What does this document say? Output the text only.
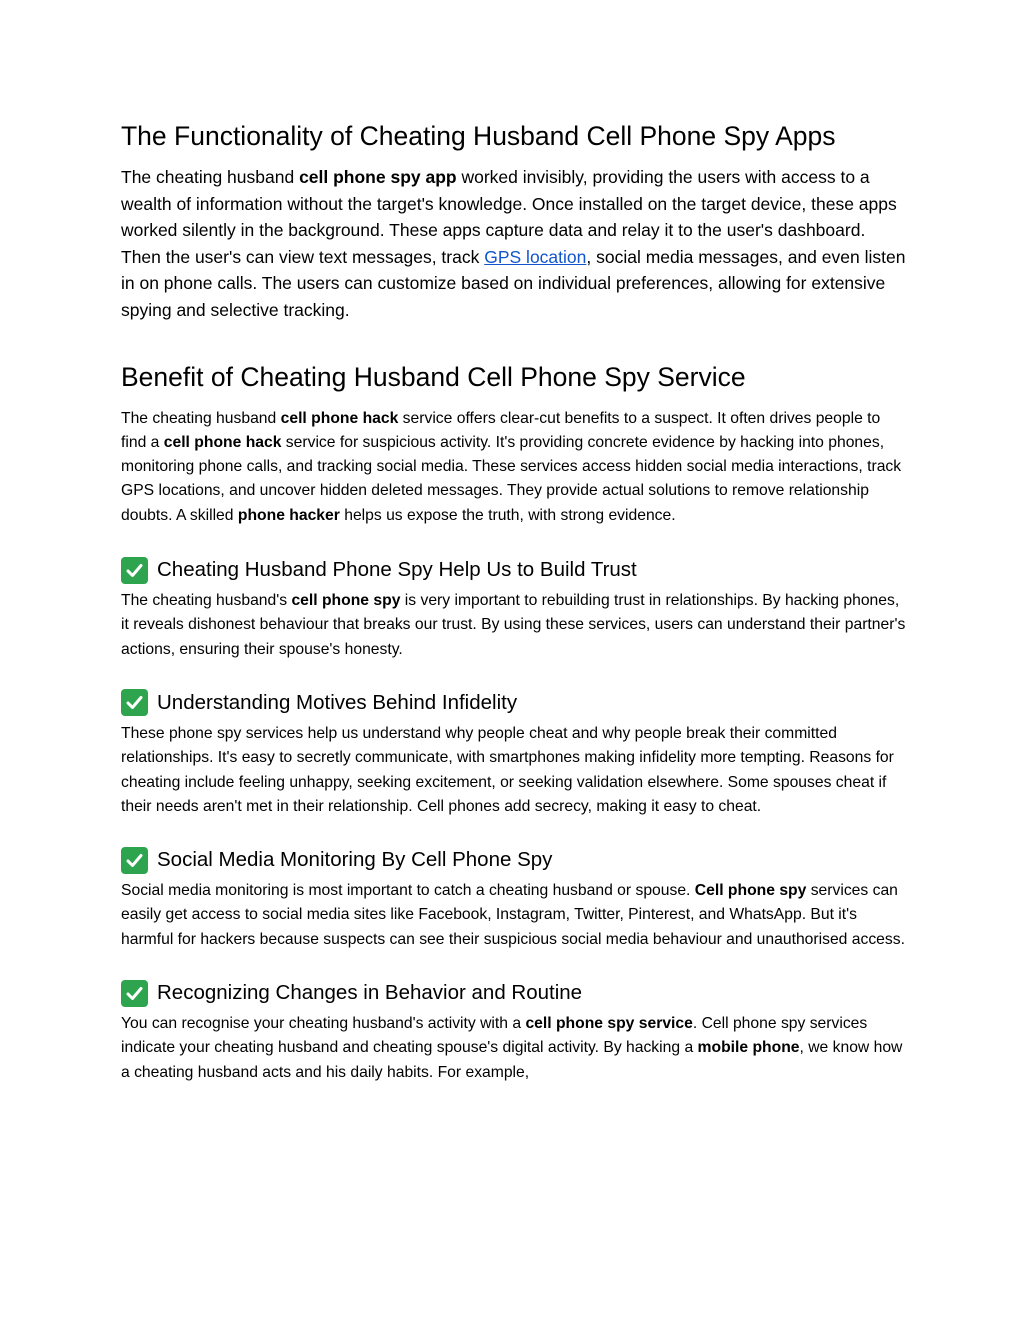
The Functionality of Cheating Husband Cell Phone Spy Apps

The cheating husband cell phone spy app worked invisibly, providing the users with access to a wealth of information without the target's knowledge. Once installed on the target device, these apps worked silently in the background. These apps capture data and relay it to the user's dashboard. Then the user's can view text messages, track GPS location, social media messages, and even listen in on phone calls. The users can customize based on individual preferences, allowing for extensive spying and selective tracking.

Benefit of Cheating Husband Cell Phone Spy Service

The cheating husband cell phone hack service offers clear-cut benefits to a suspect. It often drives people to find a cell phone hack service for suspicious activity. It's providing concrete evidence by hacking into phones, monitoring phone calls, and tracking social media. These services access hidden social media interactions, track GPS locations, and uncover hidden deleted messages. They provide actual solutions to remove relationship doubts. A skilled phone hacker helps us expose the truth, with strong evidence.

Cheating Husband Phone Spy Help Us to Build Trust

The cheating husband's cell phone spy is very important to rebuilding trust in relationships. By hacking phones, it reveals dishonest behaviour that breaks our trust. By using these services, users can understand their partner's actions, ensuring their spouse's honesty.

Understanding Motives Behind Infidelity

These phone spy services help us understand why people cheat and why people break their committed relationships. It's easy to secretly communicate, with smartphones making infidelity more tempting. Reasons for cheating include feeling unhappy, seeking excitement, or seeking validation elsewhere. Some spouses cheat if their needs aren't met in their relationship. Cell phones add secrecy, making it easy to cheat.

Social Media Monitoring By Cell Phone Spy

Social media monitoring is most important to catch a cheating husband or spouse. Cell phone spy services can easily get access to social media sites like Facebook, Instagram, Twitter, Pinterest, and WhatsApp. But it's harmful for hackers because suspects can see their suspicious social media behaviour and unauthorised access.

Recognizing Changes in Behavior and Routine

You can recognise your cheating husband's activity with a cell phone spy service. Cell phone spy services indicate your cheating husband and cheating spouse's digital activity. By hacking a mobile phone, we know how a cheating husband acts and his daily habits. For example,
